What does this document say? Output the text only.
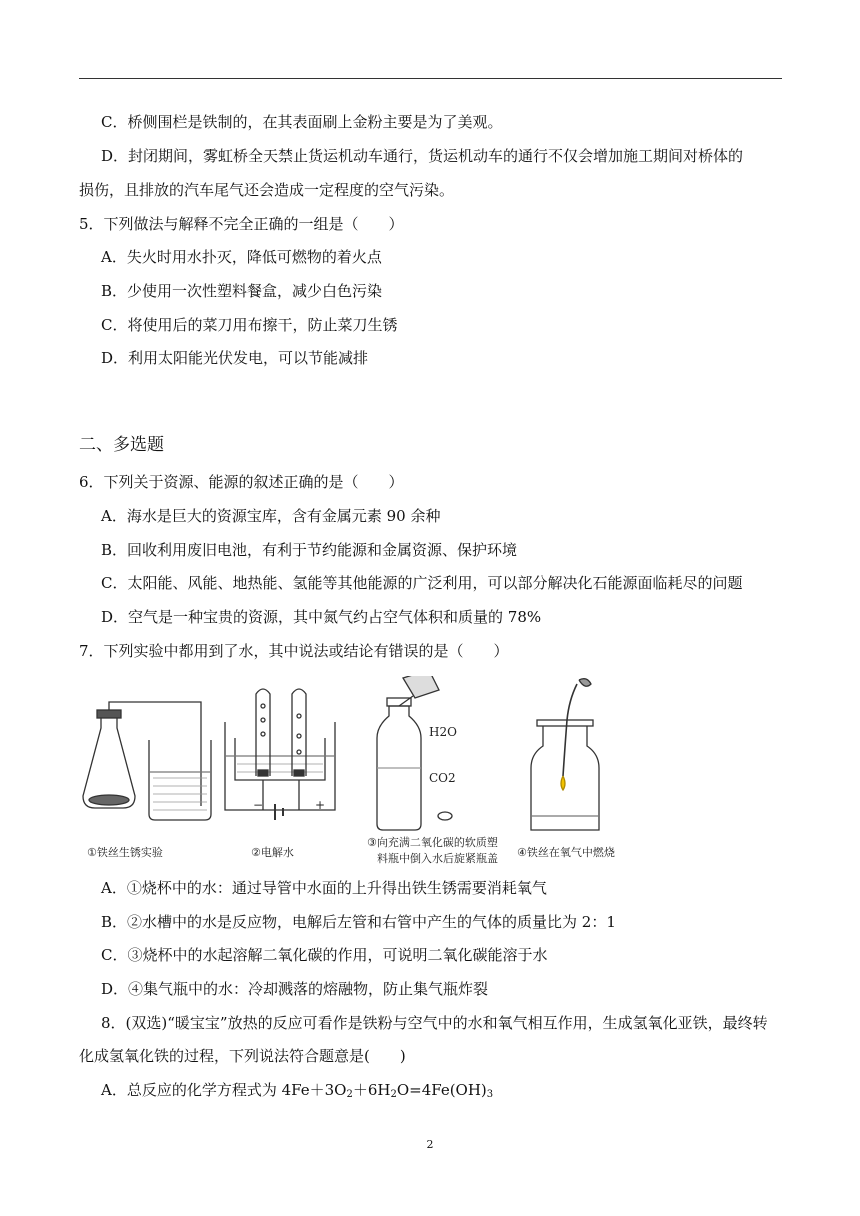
C．桥侧围栏是铁制的，在其表面刷上金粉主要是为了美观。
D．封闭期间，雾虹桥全天禁止货运机动车通行，货运机动车的通行不仅会增加施工期间对桥体的
损伤，且排放的汽车尾气还会造成一定程度的空气污染。
5．下列做法与解释不完全正确的一组是（　　）
A．失火时用水扑灭，降低可燃物的着火点
B．少使用一次性塑料餐盒，减少白色污染
C．将使用后的菜刀用布擦干，防止菜刀生锈
D．利用太阳能光伏发电，可以节能减排
二、多选题
6．下列关于资源、能源的叙述正确的是（　　）
A．海水是巨大的资源宝库，含有金属元素 90 余种
B．回收利用废旧电池，有利于节约能源和金属资源、保护环境
C．太阳能、风能、地热能、氢能等其他能源的广泛利用，可以部分解决化石能源面临耗尽的问题
D．空气是一种宝贵的资源，其中氮气约占空气体积和质量的 78%
7．下列实验中都用到了水，其中说法或结论有错误的是（　　）
①铁丝生锈实验
−	+
②电解水
H2O
CO2
③向充满二氧化碳的软质塑
料瓶中倒入水后旋紧瓶盖 ④铁丝在氧气中燃烧
A．①烧杯中的水：通过导管中水面的上升得出铁生锈需要消耗氧气
B．②水槽中的水是反应物，电解后左管和右管中产生的气体的质量比为 2：1
C．③烧杯中的水起溶解二氧化碳的作用，可说明二氧化碳能溶于水
D．④集气瓶中的水：冷却溅落的熔融物，防止集气瓶炸裂
8．(双选)“暖宝宝”放热的反应可看作是铁粉与空气中的水和氧气相互作用，生成氢氧化亚铁，最终转
化成氢氧化铁的过程，下列说法符合题意是(　　)
A．总反应的化学方程式为 $4Fe+3O_2+6H_2O=4Fe(OH)_3$
2
